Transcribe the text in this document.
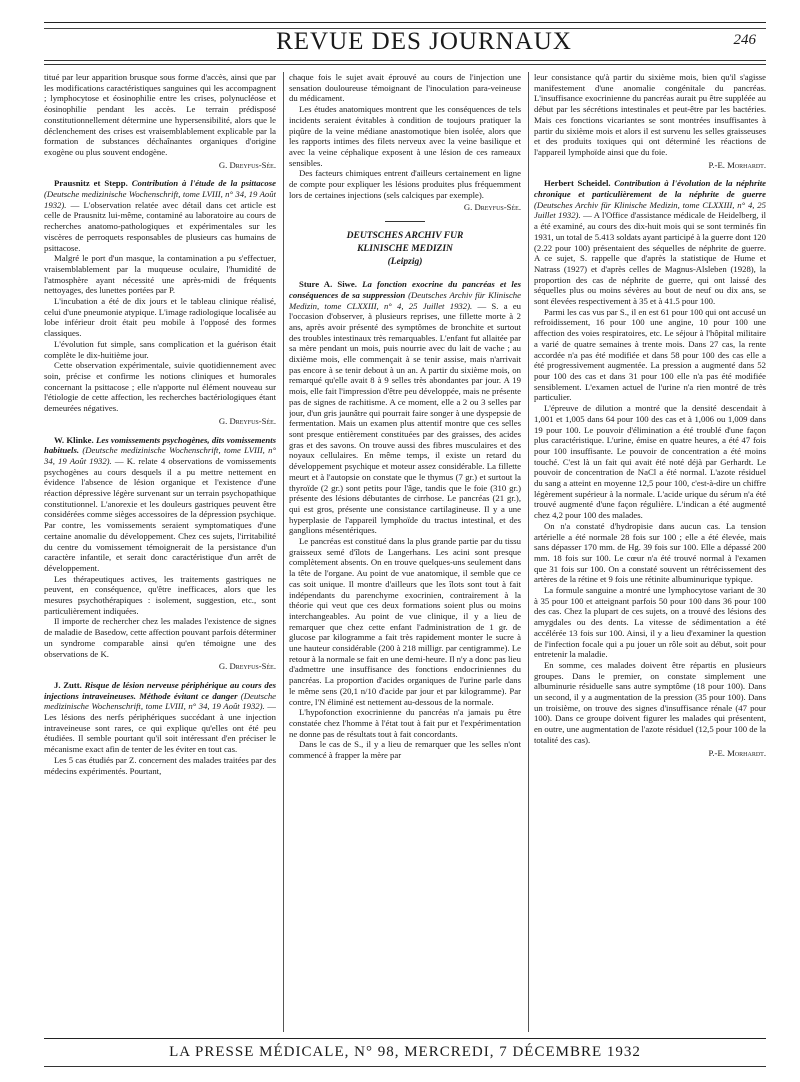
REVUE DES JOURNAUX	246

titué par leur apparition brusque sous forme d'accès, ainsi que par les modifications caractéristiques sanguines qui les accompagnent ; lymphocytose et éosinophilie entre les crises, polynucléose et éosinophilie pendant les accès. Le terrain prédisposé constitutionnellement détermine une hypersensibilité, alors que le déclenchement des crises est vraisemblablement explicable par la formation de substances déchaînantes organiques d'origine exogène ou plus souvent endogène.

G. Dreyfus-Sée.

Prausnitz et Stepp. Contribution à l'étude de la psittacose (Deutsche medizinische Wochenschrift, tome LVIII, n° 34, 19 Août 1932). — L'observation relatée avec détail dans cet article est celle de Prausnitz lui-même, contaminé au laboratoire au cours de recherches anatomo-pathologiques et expérimentales sur les viscères de perroquets responsables de plusieurs cas humains de psittacose.

Malgré le port d'un masque, la contamination a pu s'effectuer, vraisemblablement par la muqueuse oculaire, l'humidité de l'atmosphère ayant nécessité une après-midi de fréquents nettoyages, des lunettes portées par P.

L'incubation a été de dix jours et le tableau clinique réalisé, celui d'une pneumonie atypique. L'image radiologique localisée au lobe inférieur droit était peu mobile à l'opposé des formes classiques.

L'évolution fut simple, sans complication et la guérison était complète le dix-huitième jour.

Cette observation expérimentale, suivie quotidiennement avec soin, précise et confirme les notions cliniques et humorales concernant la psittacose ; elle n'apporte nul élément nouveau sur l'étiologie de cette affection, les recherches bactériologiques étant demeurées négatives.

G. Dreyfus-Sée.

W. Klinke. Les vomissements psychogènes, dits vomissements habituels. (Deutsche medizinische Wochenschrift, tome LVIII, n° 34, 19 Août 1932). — K. relate 4 observations de vomissements psychogènes au cours desquels il a pu mettre nettement en évidence l'absence de lésion organique et l'existence d'une réaction dépressive légère survenant sur un terrain psychopathique constitutionnel. L'anorexie et les douleurs gastriques peuvent être considérées comme sièges accessoires de la dépression psychique. Par contre, les vomissements seraient symptomatiques d'une certaine anomalie du développement. Chez ces sujets, l'irritabilité du centre du vomissement témoignerait de la persistance d'un caractère infantile, et serait donc caractéristique d'un arrêt de développement.

Les thérapeutiques actives, les traitements gastriques ne peuvent, en conséquence, qu'être inefficaces, alors que les mesures psychothérapiques : isolement, suggestion, etc., sont particulièrement indiquées.

Il importe de rechercher chez les malades l'existence de signes de maladie de Basedow, cette affection pouvant parfois déterminer un syndrome comparable ainsi qu'en témoigne une des observations de K.

G. Dreyfus-Sée.

J. Zutt. Risque de lésion nerveuse périphérique au cours des injections intraveineuses. Méthode évitant ce danger (Deutsche medizinische Wochenschrift, tome LVIII, n° 34, 19 Août 1932). — Les lésions des nerfs périphériques succédant à une injection intraveineuse sont rares, ce qui explique qu'elles ont été peu étudiées. Il semble pourtant qu'il soit intéressant d'en préciser le mécanisme exact afin de tenter de les éviter en tout cas.

Les 5 cas étudiés par Z. concernent des malades traitées par des médecins expérimentés. Pourtant,

chaque fois le sujet avait éprouvé au cours de l'injection une sensation douloureuse témoignant de l'inoculation para-veineuse du médicament.

Les études anatomiques montrent que les conséquences de tels incidents seraient évitables à condition de toujours pratiquer la piqûre de la veine médiane anastomotique bien isolée, alors que les rapports intimes des filets nerveux avec la veine basilique et avec la veine céphalique exposent à une lésion de ces rameaux sensibles.

Des facteurs chimiques entrent d'ailleurs certainement en ligne de compte pour expliquer les lésions produites plus fréquemment lors de certaines injections (sels calciques par exemple).

G. Dreyfus-Sée.

DEUTSCHES ARCHIV FUR
KLINISCHE MEDIZIN
(Leipzig)

Sture A. Siwe. La fonction exocrine du pancréas et les conséquences de sa suppression (Deutsches Archiv für Klinische Medizin, tome CLXXIII, n° 4, 25 Juillet 1932). — S. a eu l'occasion d'observer, à plusieurs reprises, une fillette morte à 2 ans, après avoir présenté des symptômes de bronchite et surtout des troubles intestinaux très remarquables. L'enfant fut allaitée par sa mère pendant un mois, puis nourrie avec du lait de vache ; au dixième mois, elle commençait à se tenir assise, mais n'arrivait pas encore à se tenir debout à un an. A partir du sixième mois, on remarqué qu'elle avait 8 à 9 selles très abondantes par jour. A 19 mois, elle fait l'impression d'être peu développée, mais ne présente pas de signes de rachitisme. A ce moment, elle a 2 ou 3 selles par jour, d'un gris jaunâtre qui pourrait faire songer à une dyspepsie de fermentation. Mais un examen plus attentif montre que ces selles sont presque entièrement constituées par des graisses, des acides gras et des savons. On trouve aussi des fibres musculaires et des noyaux cellulaires. En même temps, il existe un retard du développement psychique et moteur assez considérable. La fillette meurt et à l'autopsie on constate que le thymus (7 gr.) et surtout la thyroïde (2 gr.) sont petits pour l'âge, tandis que le foie (310 gr.) présente des lésions débutantes de cirrhose. Le pancréas (21 gr.), qui est gros, présente une consistance cartilagineuse. Il y a une hyperplasie de l'appareil lymphoïde du tractus intestinal, et des ganglions mésentériques.

Le pancréas est constitué dans la plus grande partie par du tissu graisseux semé d'îlots de Langerhans. Les acini sont presque complètement absents. On en trouve quelques-uns seulement dans la tête de l'organe. Au point de vue anatomique, il semble que ce cas soit unique. Il montre d'ailleurs que les îlots sont tout à fait indépendants du parenchyme exocrinien, contrairement à la théorie qui veut que ces deux formations soient plus ou moins interchangeables. Au point de vue clinique, il y a lieu de remarquer que chez cette enfant l'administration de 1 gr. de glucose par kilogramme a fait très rapidement monter le sucre à une hauteur considérable (200 à 218 milligr. par centigramme). Le retour à la normale se fait en une demi-heure. Il n'y a donc pas lieu d'admettre une insuffisance des fonctions endocriniennes du pancréas. La proportion d'acides organiques de l'urine parle dans le même sens (20,1 n/10 d'acide par jour et par kilogramme). Par contre, l'N éliminé est nettement au-dessous de la normale.

L'hypofonction exocrinienne du pancréas n'a jamais pu être constatée chez l'homme à l'état tout à fait pur et l'expérimentation ne donne pas de résultats tout à fait concordants.

Dans le cas de S., il y a lieu de remarquer que les selles n'ont commencé à frapper la mère par

leur consistance qu'à partir du sixième mois, bien qu'il s'agisse manifestement d'une anomalie congénitale du pancréas. L'insuffisance exocrinienne du pancréas aurait pu être suppléée au début par les sécrétions intestinales et peut-être par les bactéries. Mais ces fonctions vicariantes se sont montrées insuffisantes à partir du sixième mois et alors il est survenu les selles graisseuses et des produits toxiques qui ont déterminé les réactions de l'appareil lymphoïde ainsi que du foie.

P.-E. Morhardt.

Herbert Scheidel. Contribution à l'évolution de la néphrite chronique et particulièrement de la néphrite de guerre (Deutsches Archiv für Klinische Medizin, tome CLXXIII, n° 4, 25 Juillet 1932). — A l'Office d'assistance médicale de Heidelberg, il a été examiné, au cours des dix-huit mois qui se sont terminés fin 1931, un total de 5.413 soldats ayant participé à la guerre dont 120 (2.22 pour 100) présentaient des séquelles de néphrite de guerre. A ce sujet, S. rappelle que d'après la statistique de Hume et Natrass (1927) et d'après celles de Magnus-Alsleben (1928), la proportion des cas de néphrite de guerre, qui ont laissé des séquelles plus ou moins sévères au bout de neuf ou dix ans, se sont élevées respectivement à 35 et à 41.5 pour 100.

Parmi les cas vus par S., il en est 61 pour 100 qui ont accusé un refroidissement, 16 pour 100 une angine, 10 pour 100 une affection des voies respiratoires, etc. Le séjour à l'hôpital militaire a varié de quatre semaines à trente mois. Dans 27 cas, la rente accordée n'a pas été modifiée et dans 58 pour 100 des cas elle a été progressivement augmentée. La pression a augmenté dans 52 pour 100 des cas et dans 31 pour 100 elle n'a pas été modifiée sensiblement. L'examen actuel de l'urine n'a rien montré de très particulier.

L'épreuve de dilution a montré que la densité descendait à 1,001 et 1,005 dans 64 pour 100 des cas et à 1,006 ou 1,009 dans 19 pour 100. Le pouvoir d'élimination a été troublé d'une façon plus caractéristique. L'urine, émise en quatre heures, a été 47 fois pour 100 insuffisante. Le pouvoir de concentration a été moins touché. C'est là un fait qui avait été noté déjà par Gerhardt. Le pouvoir de concentration de NaCl a été normal. L'azote résiduel du sang a atteint en moyenne 12,5 pour 100, c'est-à-dire un chiffre légèrement supérieur à la normale. L'acide urique du sérum n'a été trouvé augmenté d'une façon régulière. L'indican a été augmenté chez 4,2 pour 100 des malades.

On n'a constaté d'hydropisie dans aucun cas. La tension artérielle a été normale 28 fois sur 100 ; elle a été élevée, mais sans dépasser 170 mm. de Hg. 39 fois sur 100. Elle a dépassé 200 mm. 18 fois sur 100. Le cœur n'a été trouvé normal à l'examen que 31 fois sur 100. On a constaté souvent un rétrécissement des artères de la rétine et 9 fois une rétinite albuminurique typique.

La formule sanguine a montré une lymphocytose variant de 30 à 35 pour 100 et atteignant parfois 50 pour 100 dans 36 pour 100 des cas. Chez la plupart de ces sujets, on a trouvé des lésions des amygdales ou des dents. La vitesse de sédimentation a été accélérée 13 fois sur 100. Ainsi, il y a lieu d'examiner la question de l'infection focale qui a pu jouer un rôle soit au début, soit pour entretenir la maladie.

En somme, ces malades doivent être répartis en plusieurs groupes. Dans le premier, on constate simplement une albuminurie résiduelle sans autre symptôme (18 pour 100). Dans un second, il y a augmentation de la pression (35 pour 100). Dans un troisième, on trouve des signes d'insuffisance rénale (47 pour 100). Dans ce groupe doivent figurer les malades qui présentent, en outre, une augmentation de l'azote résiduel (12,5 pour 100 de la totalité des cas).

P.-E. Morhardt.

LA PRESSE MÉDICALE, N° 98, MERCREDI, 7 DÉCEMBRE 1932
